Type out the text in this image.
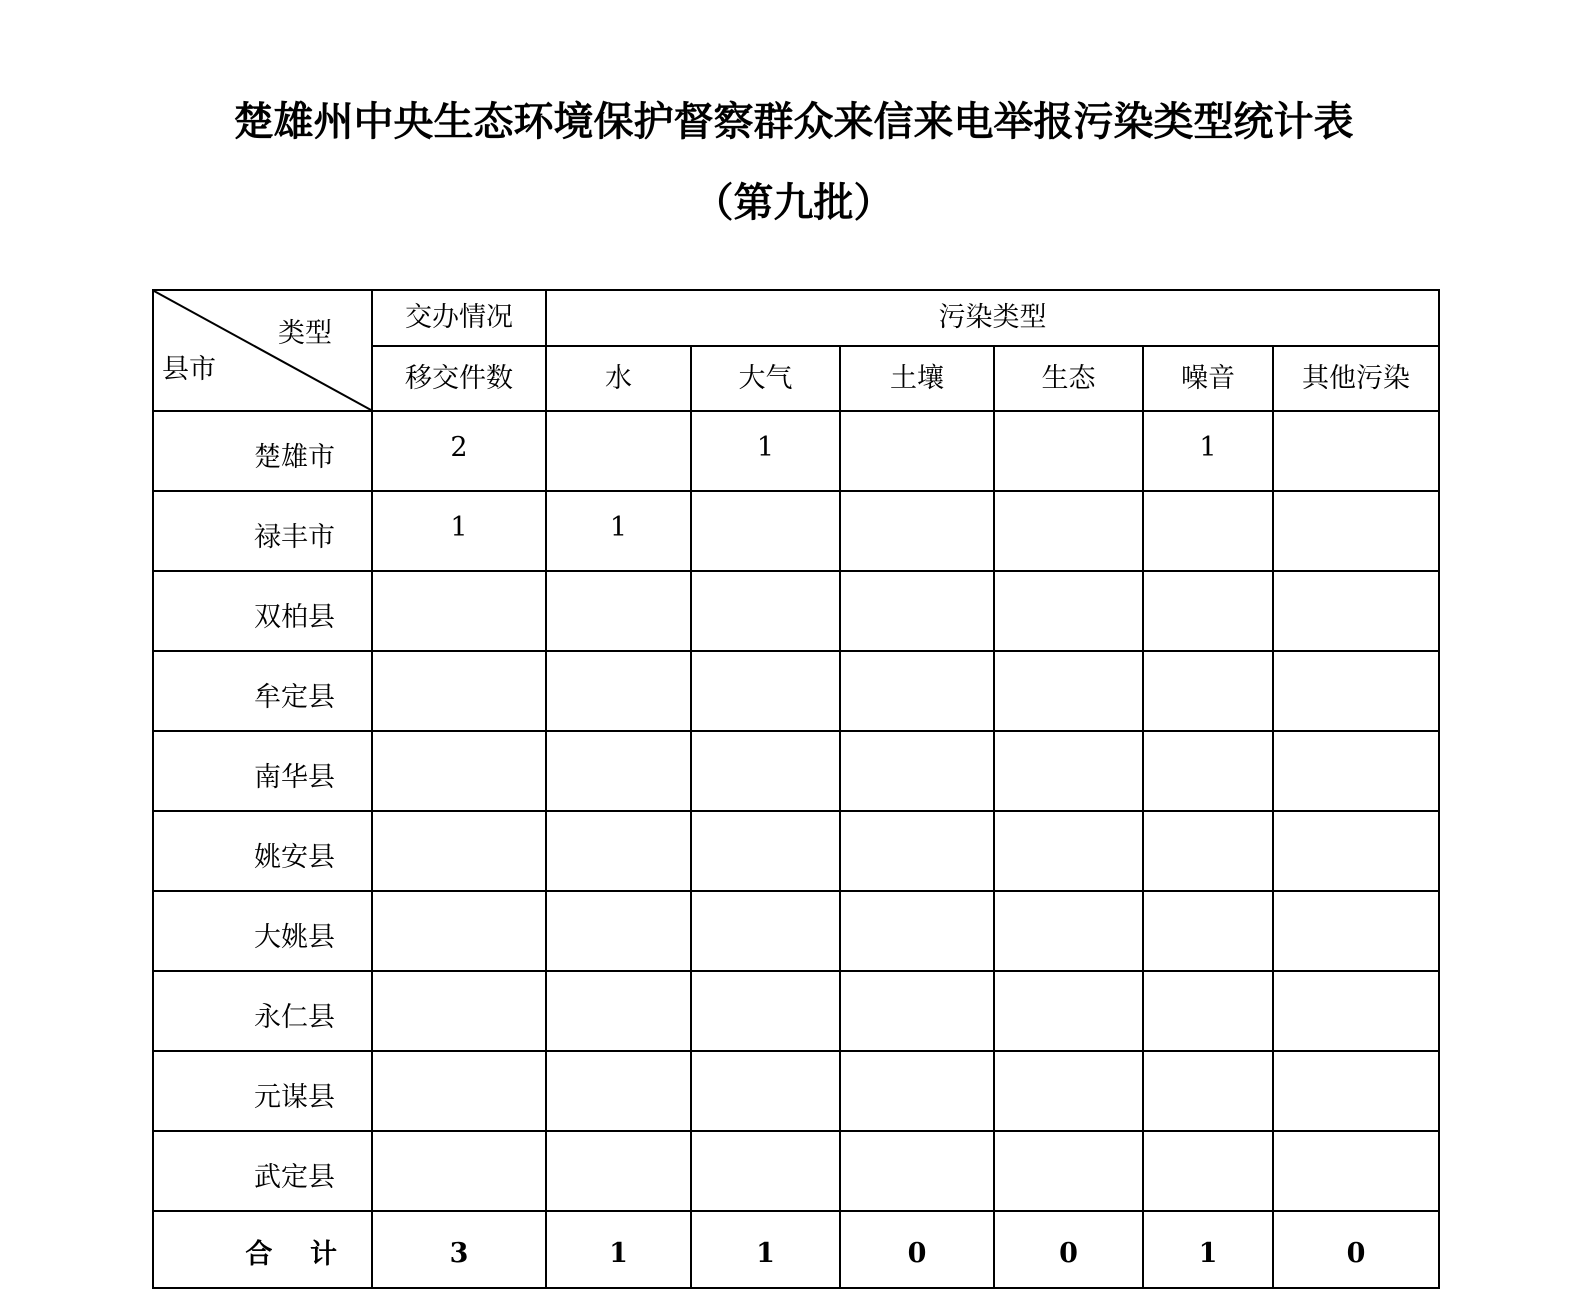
楚雄州中央生态环境保护督察群众来信来电举报污染类型统计表
（第九批）
类型
县市	交办情况	污染类型					
	移交件数	水	大气	土壤	生态	噪音	其他污染
楚雄市	2		1			1	
禄丰市	1	1					
双柏县							
牟定县							
南华县							
姚安县							
大姚县							
永仁县							
元谋县							
武定县							
合    计	3	1	1	0	0	1	0
